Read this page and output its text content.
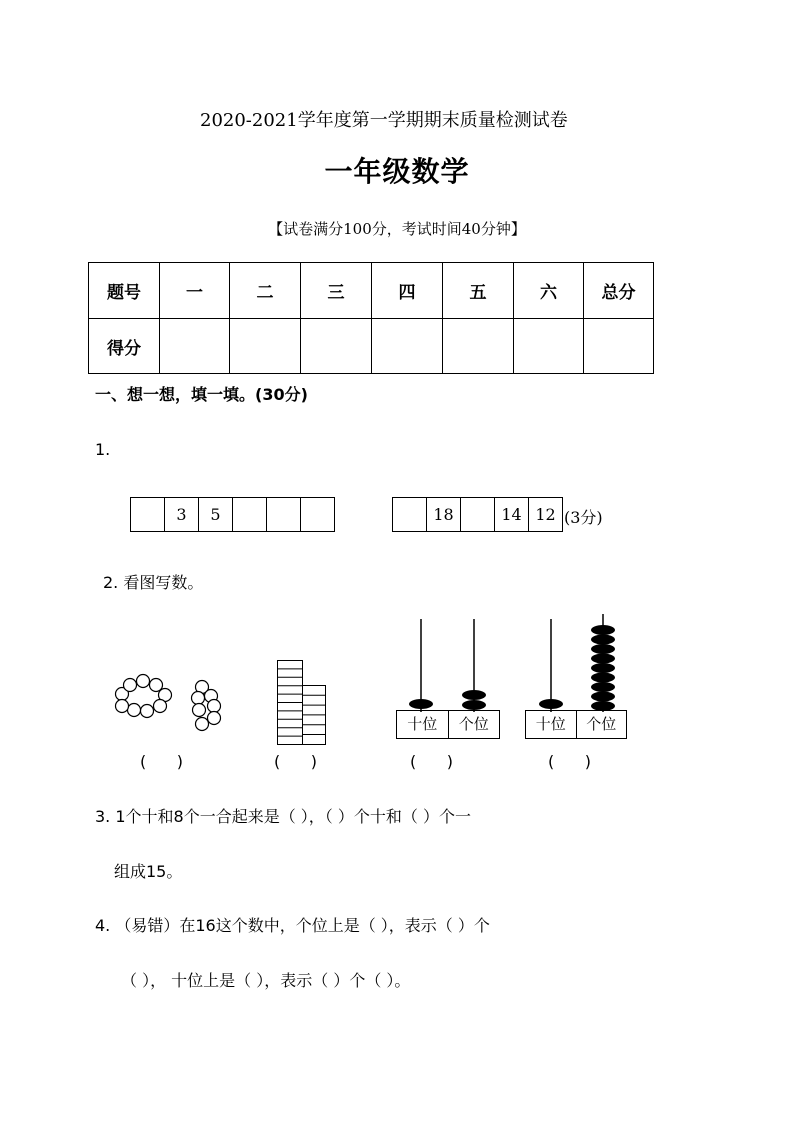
2020-2021学年度第一学期期末质量检测试卷
一年级数学
【试卷满分100分，考试时间40分钟】
题号	一	二	三	四	五	六	总分
得分							
一、想一想，填一填。(30分)
1.
	3	5			
		18		14	12 (3分)
2. 看图写数。
十位	个位	十位	个位
(      )	(      )	(      )	(      )
3. 1个十和8个一合起来是（ ），（ ）个十和（ ）个一
组成15。
4. （易错）在16这个数中，个位上是（ ），表示（ ）个
（ ）， 十位上是（ ），表示（ ）个（ ）。
